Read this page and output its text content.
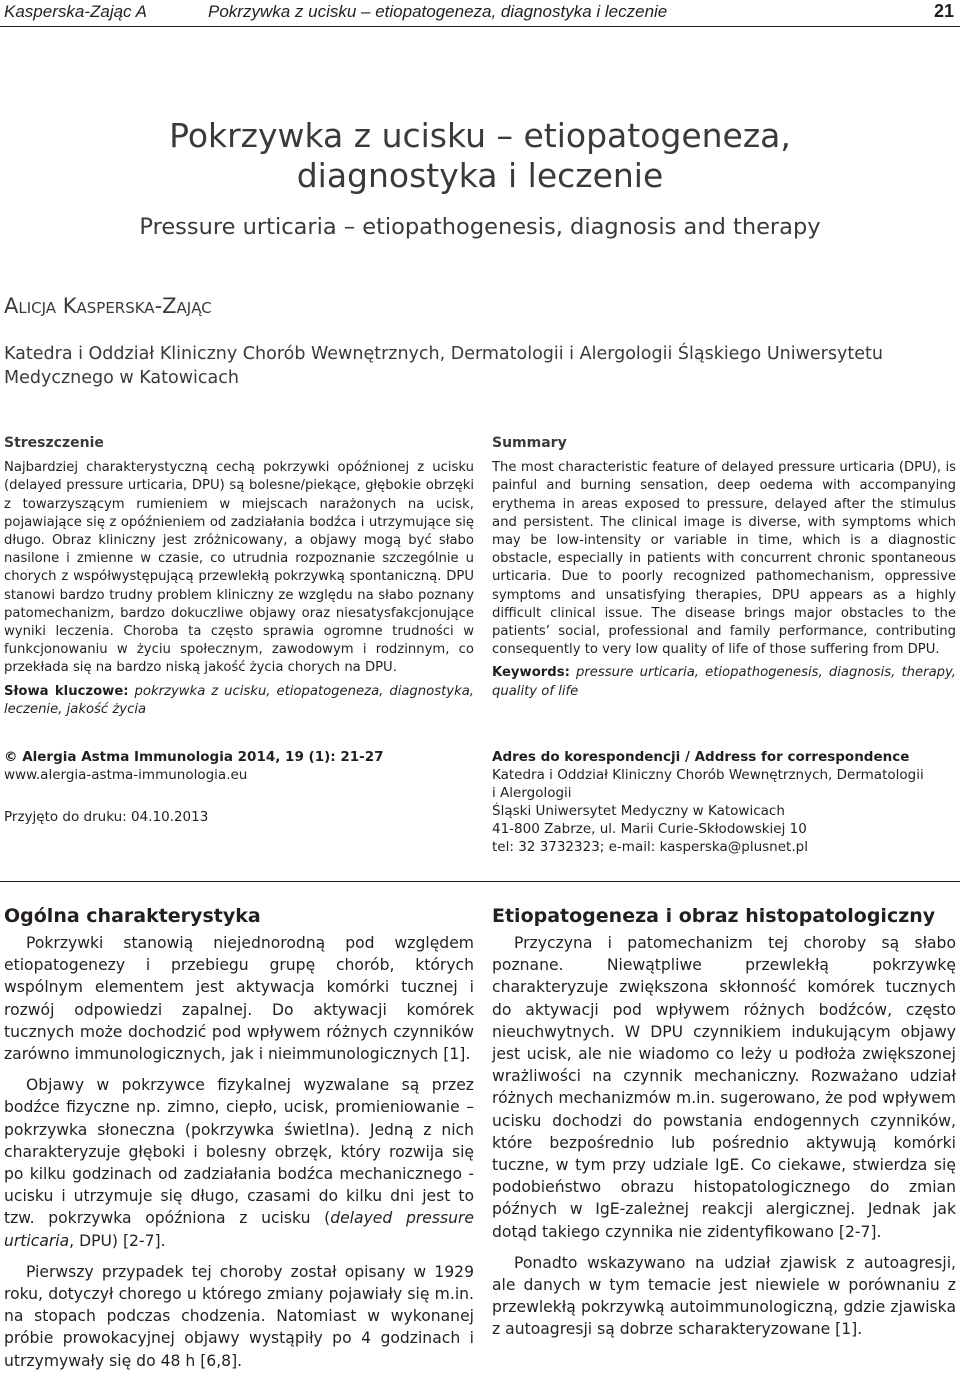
Kasperska-Zając A	Pokrzywka z ucisku – etiopatogeneza, diagnostyka i leczenie	21
Pokrzywka z ucisku – etiopatogeneza,
diagnostyka i leczenie
Pressure urticaria – etiopathogenesis, diagnosis and therapy
Alicja Kasperska-Zając
Katedra i Oddział Kliniczny Chorób Wewnętrznych, Dermatologii i Alergologii Śląskiego Uniwersytetu Medycznego w Katowicach
Streszczenie

Najbardziej charakterystyczną cechą pokrzywki opóźnionej z ucisku (delayed pressure urticaria, DPU) są bolesne/piekące, głębokie obrzęki z towarzyszącym rumieniem w miejscach narażonych na ucisk, pojawiające się z opóźnieniem od zadziałania bodźca i utrzymujące się długo. Obraz kliniczny jest zróżnicowany, a objawy mogą być słabo nasilone i zmienne w czasie, co utrudnia rozpoznanie szczególnie u chorych z współwystępującą przewlekłą pokrzywką spontaniczną. DPU stanowi bardzo trudny problem kliniczny ze względu na słabo poznany patomechanizm, bardzo dokuczliwe objawy oraz niesatysfakcjonujące wyniki leczenia. Choroba ta często sprawia ogromne trudności w funkcjonowaniu w życiu społecznym, zawodowym i rodzinnym, co przekłada się na bardzo niską jakość życia chorych na DPU.

Słowa kluczowe: pokrzywka z ucisku, etiopatogeneza, diagnostyka, leczenie, jakość życia

Summary

The most characteristic feature of delayed pressure urticaria (DPU), is painful and burning sensation, deep oedema with accompanying erythema in areas exposed to pressure, delayed after the stimulus and persistent. The clinical image is diverse, with symptoms which may be low-intensity or variable in time, which is a diagnostic obstacle, especially in patients with concurrent chronic spontaneous urticaria. Due to poorly recognized pathomechanism, oppressive symptoms and unsatisfying therapies, DPU appears as a highly difficult clinical issue. The disease brings major obstacles to the patients’ social, professional and family performance, contributing consequently to very low quality of life of those suffering from DPU.

Keywords: pressure urticaria, etiopathogenesis, diagnosis, therapy, quality of life

© Alergia Astma Immunologia 2014, 19 (1): 21-27
www.alergia-astma-immunologia.eu
Przyjęto do druku: 04.10.2013
Adres do korespondencji / Address for correspondence
Katedra i Oddział Kliniczny Chorób Wewnętrznych, Dermatologii
i Alergologii
Śląski Uniwersytet Medyczny w Katowicach
41-800 Zabrze, ul. Marii Curie-Skłodowskiej 10
tel: 32 3732323; e-mail: kasperska@plusnet.pl
Ogólna charakterystyka

Pokrzywki stanowią niejednorodną pod względem etiopatogenezy i przebiegu grupę chorób, których wspólnym elementem jest aktywacja komórki tucznej i rozwój odpowiedzi zapalnej. Do aktywacji komórek tucznych może dochodzić pod wpływem różnych czynników zarówno immunologicznych, jak i nieimmunologicznych [1].

Objawy w pokrzywce fizykalnej wyzwalane są przez bodźce fizyczne np. zimno, ciepło, ucisk, promieniowanie – pokrzywka słoneczna (pokrzywka świetlna). Jedną z nich charakteryzuje głęboki i bolesny obrzęk, który rozwija się po kilku godzinach od zadziałania bodźca mechanicznego - ucisku i utrzymuje się długo, czasami do kilku dni jest to tzw. pokrzywka opóźniona z ucisku (delayed pressure urticaria, DPU) [2-7].

Pierwszy przypadek tej choroby został opisany w 1929 roku, dotyczył chorego u którego zmiany pojawiały się m.in. na stopach podczas chodzenia. Natomiast w wykonanej próbie prowokacyjnej objawy wystąpiły po 4 godzinach i utrzymywały się do 48 h [6,8].

Etiopatogeneza i obraz histopatologiczny

Przyczyna i patomechanizm tej choroby są słabo poznane. Niewątpliwe przewlekłą pokrzywkę charakteryzuje zwiększona skłonność komórek tucznych do aktywacji pod wpływem różnych bodźców, często nieuchwytnych. W DPU czynnikiem indukującym objawy jest ucisk, ale nie wiadomo co leży u podłoża zwiększonej wrażliwości na czynnik mechaniczny. Rozważano udział różnych mechanizmów m.in. sugerowano, że pod wpływem ucisku dochodzi do powstania endogennych czynników, które bezpośrednio lub pośrednio aktywują komórki tuczne, w tym przy udziale IgE. Co ciekawe, stwierdza się podobieństwo obrazu histopatologicznego do zmian późnych w IgE-zależnej reakcji alergicznej. Jednak jak dotąd takiego czynnika nie zidentyfikowano [2-7].

Ponadto wskazywano na udział zjawisk z autoagresji, ale danych w tym temacie jest niewiele w porównaniu z przewlekłą pokrzywką autoimmunologiczną, gdzie zjawiska z autoagresji są dobrze scharakteryzowane [1].
